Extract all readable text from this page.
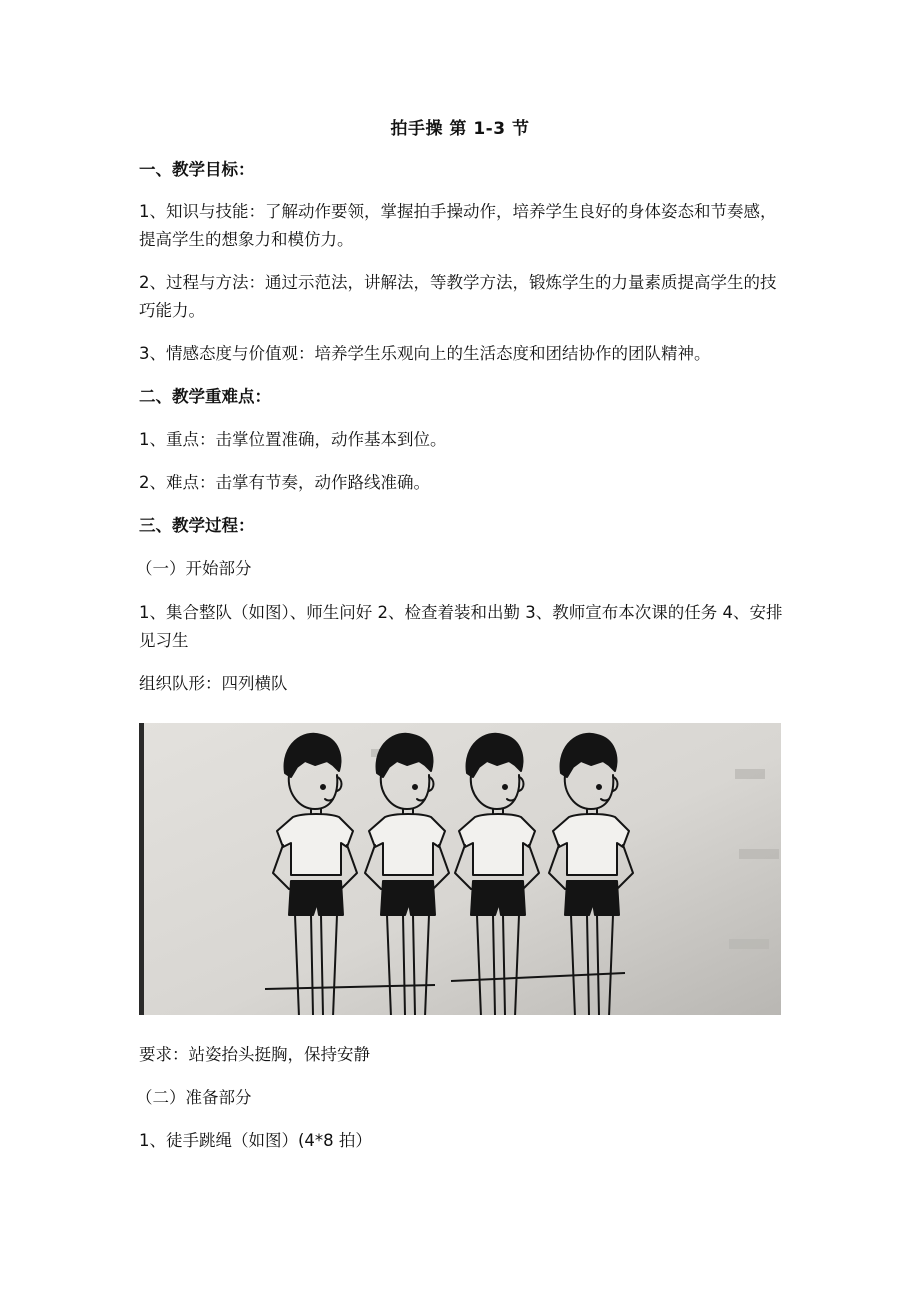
拍手操 第 1-3 节
一、教学目标：
1、知识与技能：了解动作要领，掌握拍手操动作，培养学生良好的身体姿态和节奏感，提高学生的想象力和模仿力。
2、过程与方法：通过示范法，讲解法，等教学方法，锻炼学生的力量素质提高学生的技巧能力。
3、情感态度与价值观：培养学生乐观向上的生活态度和团结协作的团队精神。
二、教学重难点：
1、重点：击掌位置准确，动作基本到位。
2、难点：击掌有节奏，动作路线准确。
三、教学过程：
（一）开始部分
1、集合整队（如图）、师生问好 2、检查着装和出勤 3、教师宣布本次课的任务 4、安排见习生
组织队形：四列横队
要求：站姿抬头挺胸，保持安静
（二）准备部分
1、徒手跳绳（如图）(4*8 拍）
